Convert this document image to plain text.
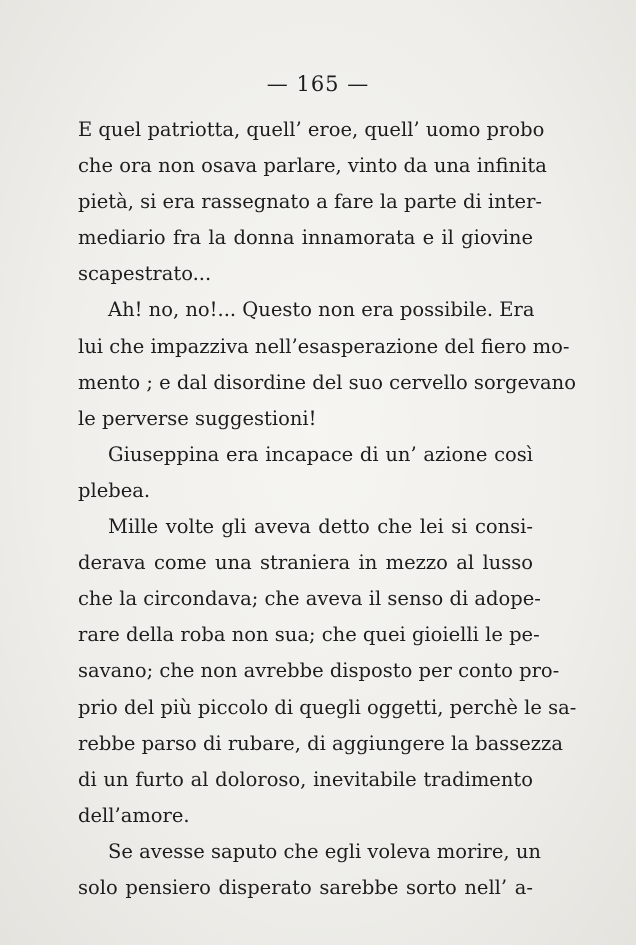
— 165 —
E quel patriotta, quell’ eroe, quell’ uomo probo
che ora non osava parlare, vinto da una infinita
pietà, si era rassegnato a fare la parte di inter-
mediario fra la donna innamorata e il giovine
scapestrato...
Ah! no, no!... Questo non era possibile. Era
lui che impazziva nell’esasperazione del fiero mo-
mento ; e dal disordine del suo cervello sorgevano
le perverse suggestioni!
Giuseppina era incapace di un’ azione così
plebea.
Mille volte gli aveva detto che lei si consi-
derava come una straniera in mezzo al lusso
che la circondava; che aveva il senso di adope-
rare della roba non sua; che quei gioielli le pe-
savano; che non avrebbe disposto per conto pro-
prio del più piccolo di quegli oggetti, perchè le sa-
rebbe parso di rubare, di aggiungere la bassezza
di un furto al doloroso, inevitabile tradimento
dell’amore.
Se avesse saputo che egli voleva morire, un
solo pensiero disperato sarebbe sorto nell’ a-
